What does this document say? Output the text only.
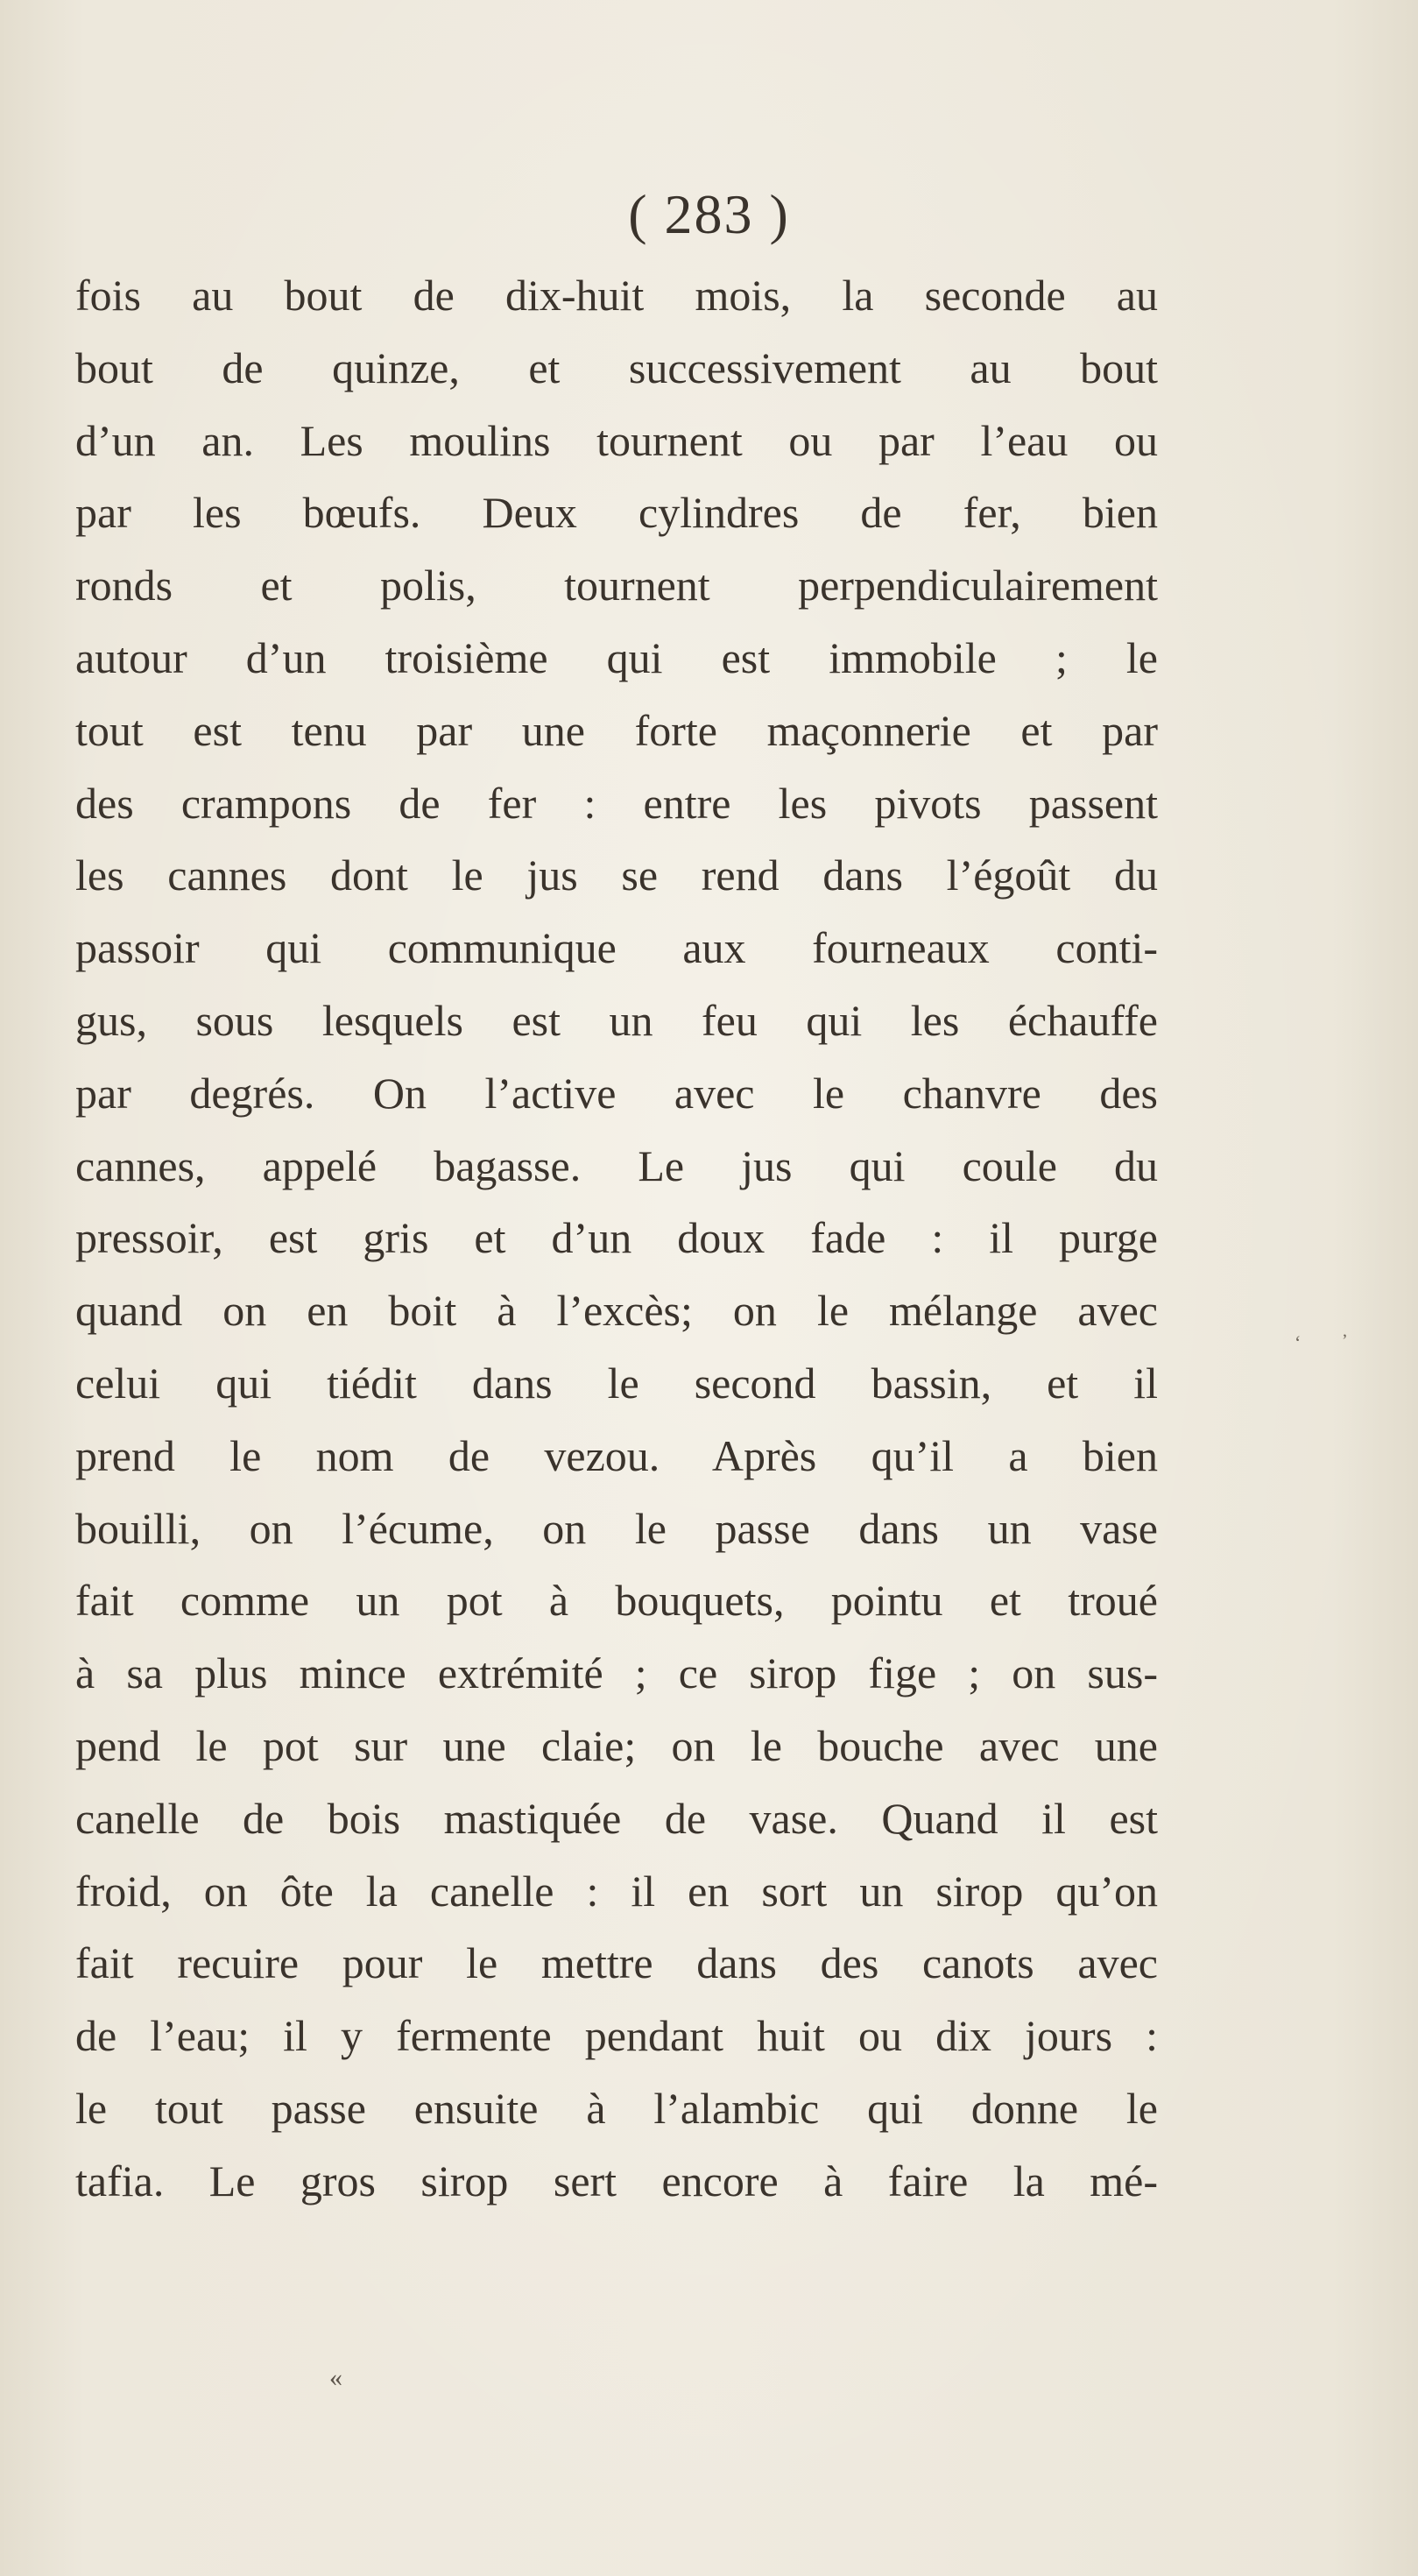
( 283 )
fois au bout de dix-huit mois, la seconde au
bout de quinze, et successivement au bout
d’un an. Les moulins tournent ou par l’eau ou
par les bœufs. Deux cylindres de fer, bien
ronds et polis, tournent perpendiculairement
autour d’un troisième qui est immobile ; le
tout est tenu par une forte maçonnerie et par
des crampons de fer : entre les pivots passent
les cannes dont le jus se rend dans l’égoût du
passoir qui communique aux fourneaux conti-
gus, sous lesquels est un feu qui les échauffe
par degrés. On l’active avec le chanvre des
cannes, appelé bagasse. Le jus qui coule du
pressoir, est gris et d’un doux fade : il purge
quand on en boit à l’excès; on le mélange avec
celui qui tiédit dans le second bassin, et il
prend le nom de vezou. Après qu’il a bien
bouilli, on l’écume, on le passe dans un vase
fait comme un pot à bouquets, pointu et troué
à sa plus mince extrémité ; ce sirop fige ; on sus-
pend le pot sur une claie; on le bouche avec une
canelle de bois mastiquée de vase. Quand il est
froid, on ôte la canelle : il en sort un sirop qu’on
fait recuire pour le mettre dans des canots avec
de l’eau; il y fermente pendant huit ou dix jours :
le tout passe ensuite à l’alambic qui donne le
tafia. Le gros sirop sert encore à faire la mé-
ʻ ʼ
«
